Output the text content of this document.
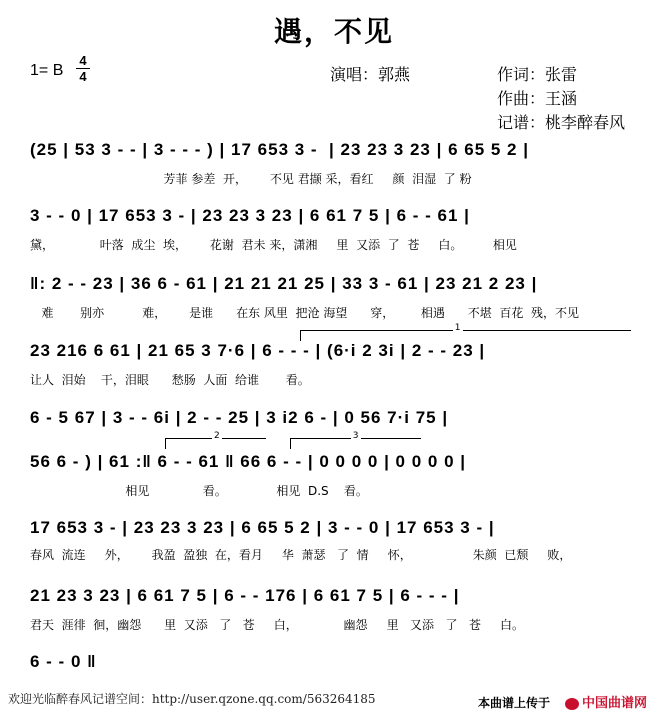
遇，不见
1= B
4
4	演唱：郭燕	作词：张雷
作曲：王涵
记谱：桃李醉春风
(25 | 53 3 - - | 3 - - - ) | 17 653 3 -  | 23 23 3 23 | 6 65 5 2 |
芳菲 参差  开，      不见 君撷 采，看红     颜  泪湿  了 粉
3 - - 0 | 17 653 3 - | 23 23 3 23 | 6 61 7 5 | 6 - - 61 |
黛，            叶落  成尘  埃，      花谢  君未 来，潇湘     里  又添  了  苍     白。        相见
‖: 2 - - 23 | 36 6 - 61 | 21 21 21 25 | 33 3 - 61 | 23 21 2 23 |
难       别亦          难，      是谁      在东 风里  把沧 海望      穿，       相遇      不堪  百花  残，不见
1
23 216 6 61 | 21 65 3 7·6 | 6 - - - | (6·i 2 3i | 2 - - 23 |
让人  泪始    干，泪眼      愁肠  人面  给谁       看。
6 - 5 67 | 3 - - 6i | 2 - - 25 | 3 i2 6 - | 0 56 7·i 75 |
2	3
56 6 - ) | 61 :‖ 6 - - 61 ‖ 66 6 - - | 0 0 0 0 | 0 0 0 0 |
相见              看。             相见  D.S    看。
17 653 3 - | 23 23 3 23 | 6 65 5 2 | 3 - - 0 | 17 653 3 - |
春风  流连     外，      我盈  盈独  在，看月     华  萧瑟   了  情     怀，                朱颜  已颓     败，
21 23 3 23 | 6 61 7 5 | 6 - - 176 | 6 61 7 5 | 6 - - - |
君天  涯徘  徊，幽怨      里  又添   了   苍     白，            幽怨     里   又添   了   苍     白。
6 - - 0 ‖
欢迎光临醉春风记谱空间：http://user.qzone.qq.com/563264185	本曲谱上传于	中国曲谱网
